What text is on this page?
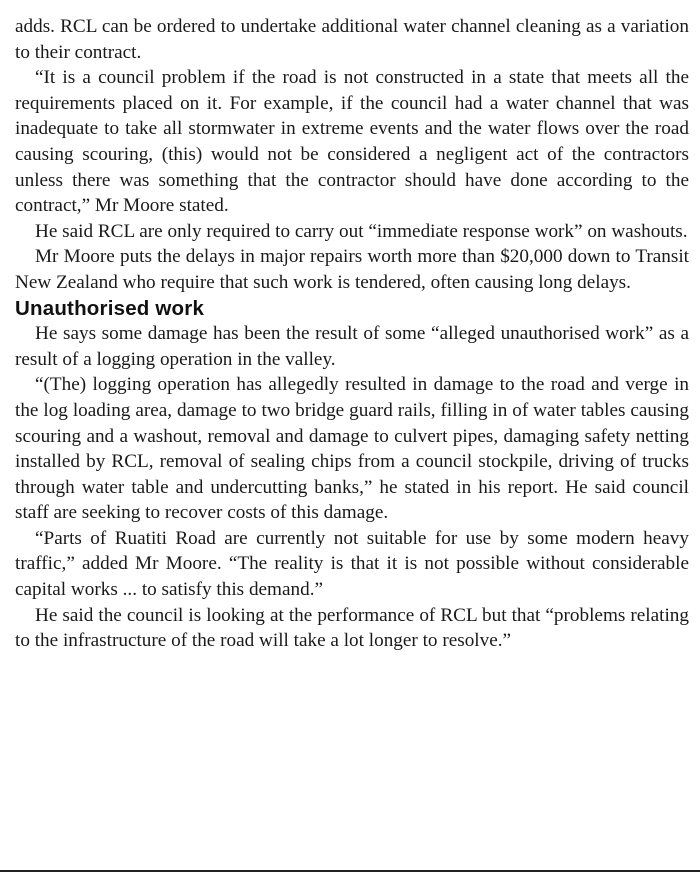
adds. RCL can be ordered to undertake additional water channel cleaning as a variation to their contract.

“It is a council problem if the road is not constructed in a state that meets all the requirements placed on it. For example, if the council had a water channel that was inadequate to take all stormwater in extreme events and the water flows over the road causing scouring, (this) would not be considered a negligent act of the contractors unless there was something that the contractor should have done according to the contract,” Mr Moore stated.

He said RCL are only required to carry out “immediate response work” on washouts.

Mr Moore puts the delays in major repairs worth more than $20,000 down to Transit New Zealand who require that such work is tendered, often causing long delays.

Unauthorised work

He says some damage has been the result of some “alleged unauthorised work” as a result of a logging operation in the valley.

“(The) logging operation has allegedly resulted in damage to the road and verge in the log loading area, damage to two bridge guard rails, filling in of water tables causing scouring and a washout, removal and damage to culvert pipes, damaging safety netting installed by RCL, removal of sealing chips from a council stockpile, driving of trucks through water table and undercutting banks,” he stated in his report. He said council staff are seeking to recover costs of this damage.

“Parts of Ruatiti Road are currently not suitable for use by some modern heavy traffic,” added Mr Moore. “The reality is that it is not possible without considerable capital works ... to satisfy this demand.”

He said the council is looking at the performance of RCL but that “problems relating to the infrastructure of the road will take a lot longer to resolve.”
